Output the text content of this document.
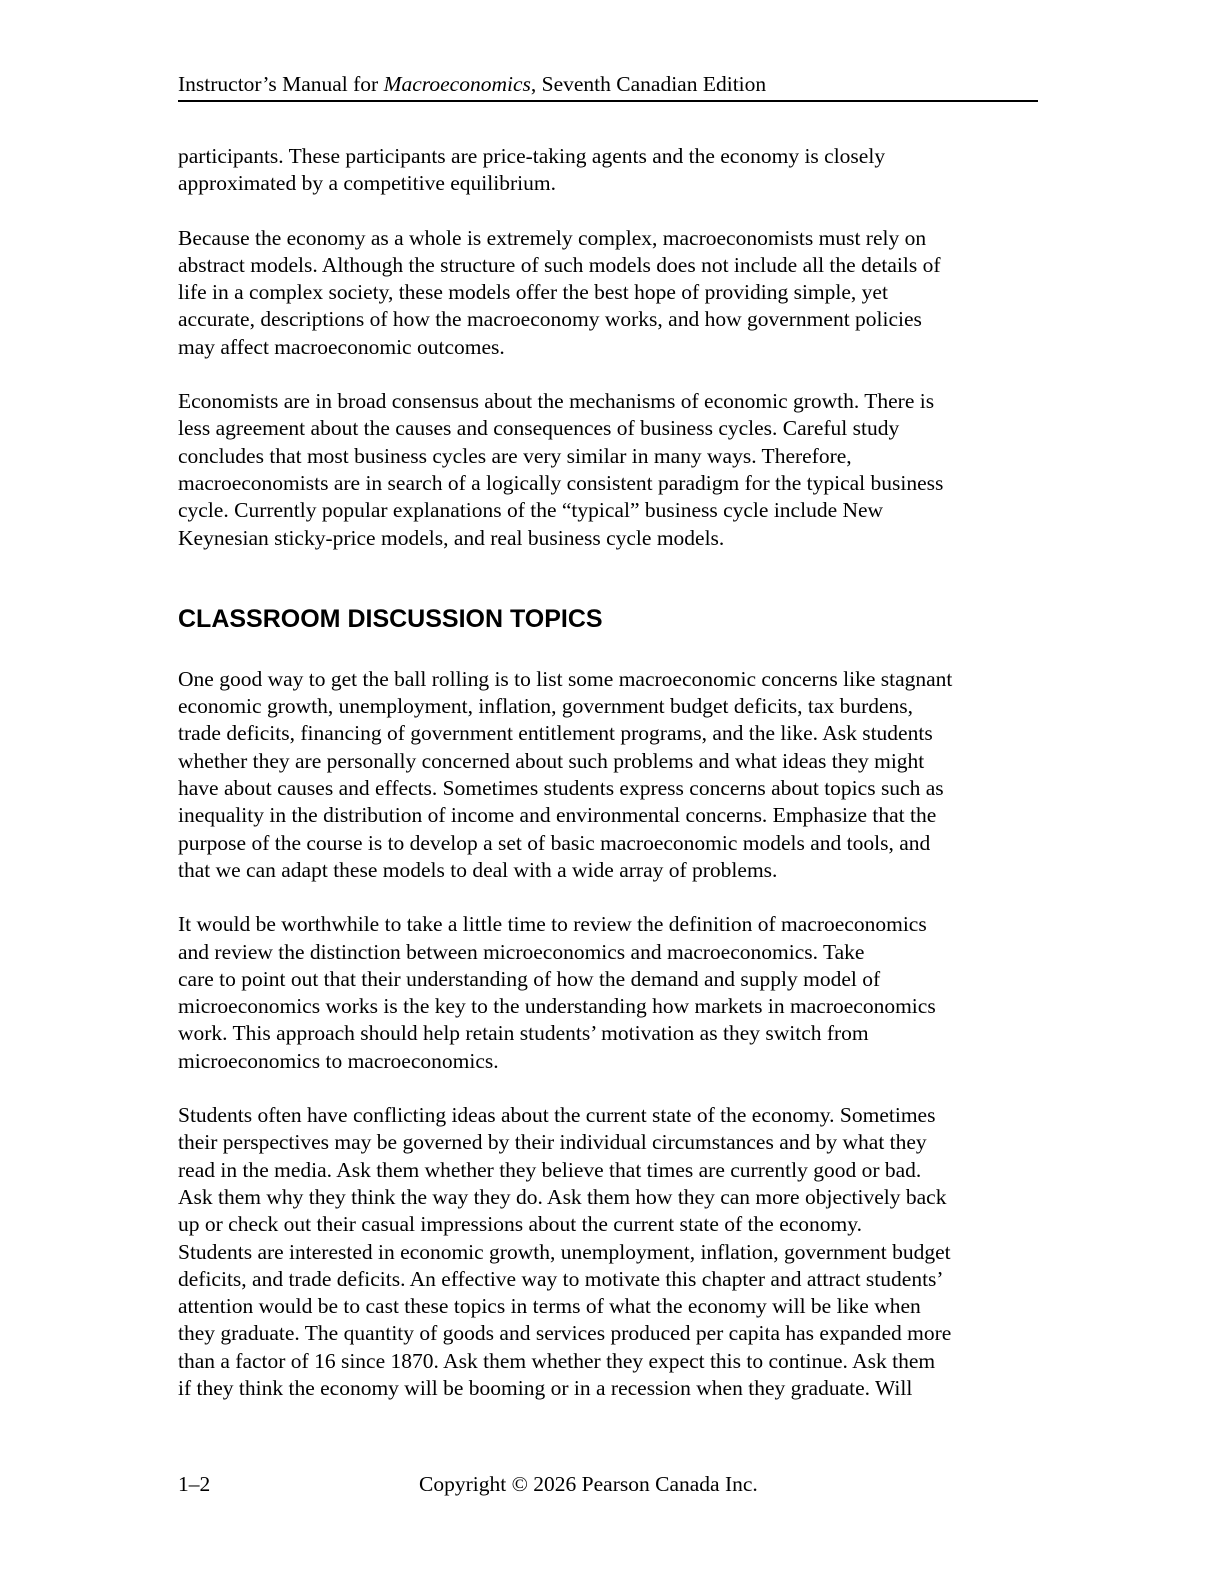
Instructor’s Manual for Macroeconomics, Seventh Canadian Edition

participants. These participants are price-taking agents and the economy is closely
approximated by a competitive equilibrium.

Because the economy as a whole is extremely complex, macroeconomists must rely on
abstract models. Although the structure of such models does not include all the details of
life in a complex society, these models offer the best hope of providing simple, yet
accurate, descriptions of how the macroeconomy works, and how government policies
may affect macroeconomic outcomes.

Economists are in broad consensus about the mechanisms of economic growth. There is
less agreement about the causes and consequences of business cycles. Careful study
concludes that most business cycles are very similar in many ways. Therefore,
macroeconomists are in search of a logically consistent paradigm for the typical business
cycle. Currently popular explanations of the “typical” business cycle include New
Keynesian sticky-price models, and real business cycle models.

CLASSROOM DISCUSSION TOPICS

One good way to get the ball rolling is to list some macroeconomic concerns like stagnant
economic growth, unemployment, inflation, government budget deficits, tax burdens,
trade deficits, financing of government entitlement programs, and the like. Ask students
whether they are personally concerned about such problems and what ideas they might
have about causes and effects. Sometimes students express concerns about topics such as
inequality in the distribution of income and environmental concerns. Emphasize that the
purpose of the course is to develop a set of basic macroeconomic models and tools, and
that we can adapt these models to deal with a wide array of problems.

It would be worthwhile to take a little time to review the definition of macroeconomics
and review the distinction between microeconomics and macroeconomics. Take
care to point out that their understanding of how the demand and supply model of
microeconomics works is the key to the understanding how markets in macroeconomics
work. This approach should help retain students’ motivation as they switch from
microeconomics to macroeconomics.

Students often have conflicting ideas about the current state of the economy. Sometimes
their perspectives may be governed by their individual circumstances and by what they
read in the media. Ask them whether they believe that times are currently good or bad.
Ask them why they think the way they do. Ask them how they can more objectively back
up or check out their casual impressions about the current state of the economy.
Students are interested in economic growth, unemployment, inflation, government budget
deficits, and trade deficits. An effective way to motivate this chapter and attract students’
attention would be to cast these topics in terms of what the economy will be like when
they graduate. The quantity of goods and services produced per capita has expanded more
than a factor of 16 since 1870. Ask them whether they expect this to continue. Ask them
if they think the economy will be booming or in a recession when they graduate. Will

1–2	Copyright © 2026 Pearson Canada Inc.
